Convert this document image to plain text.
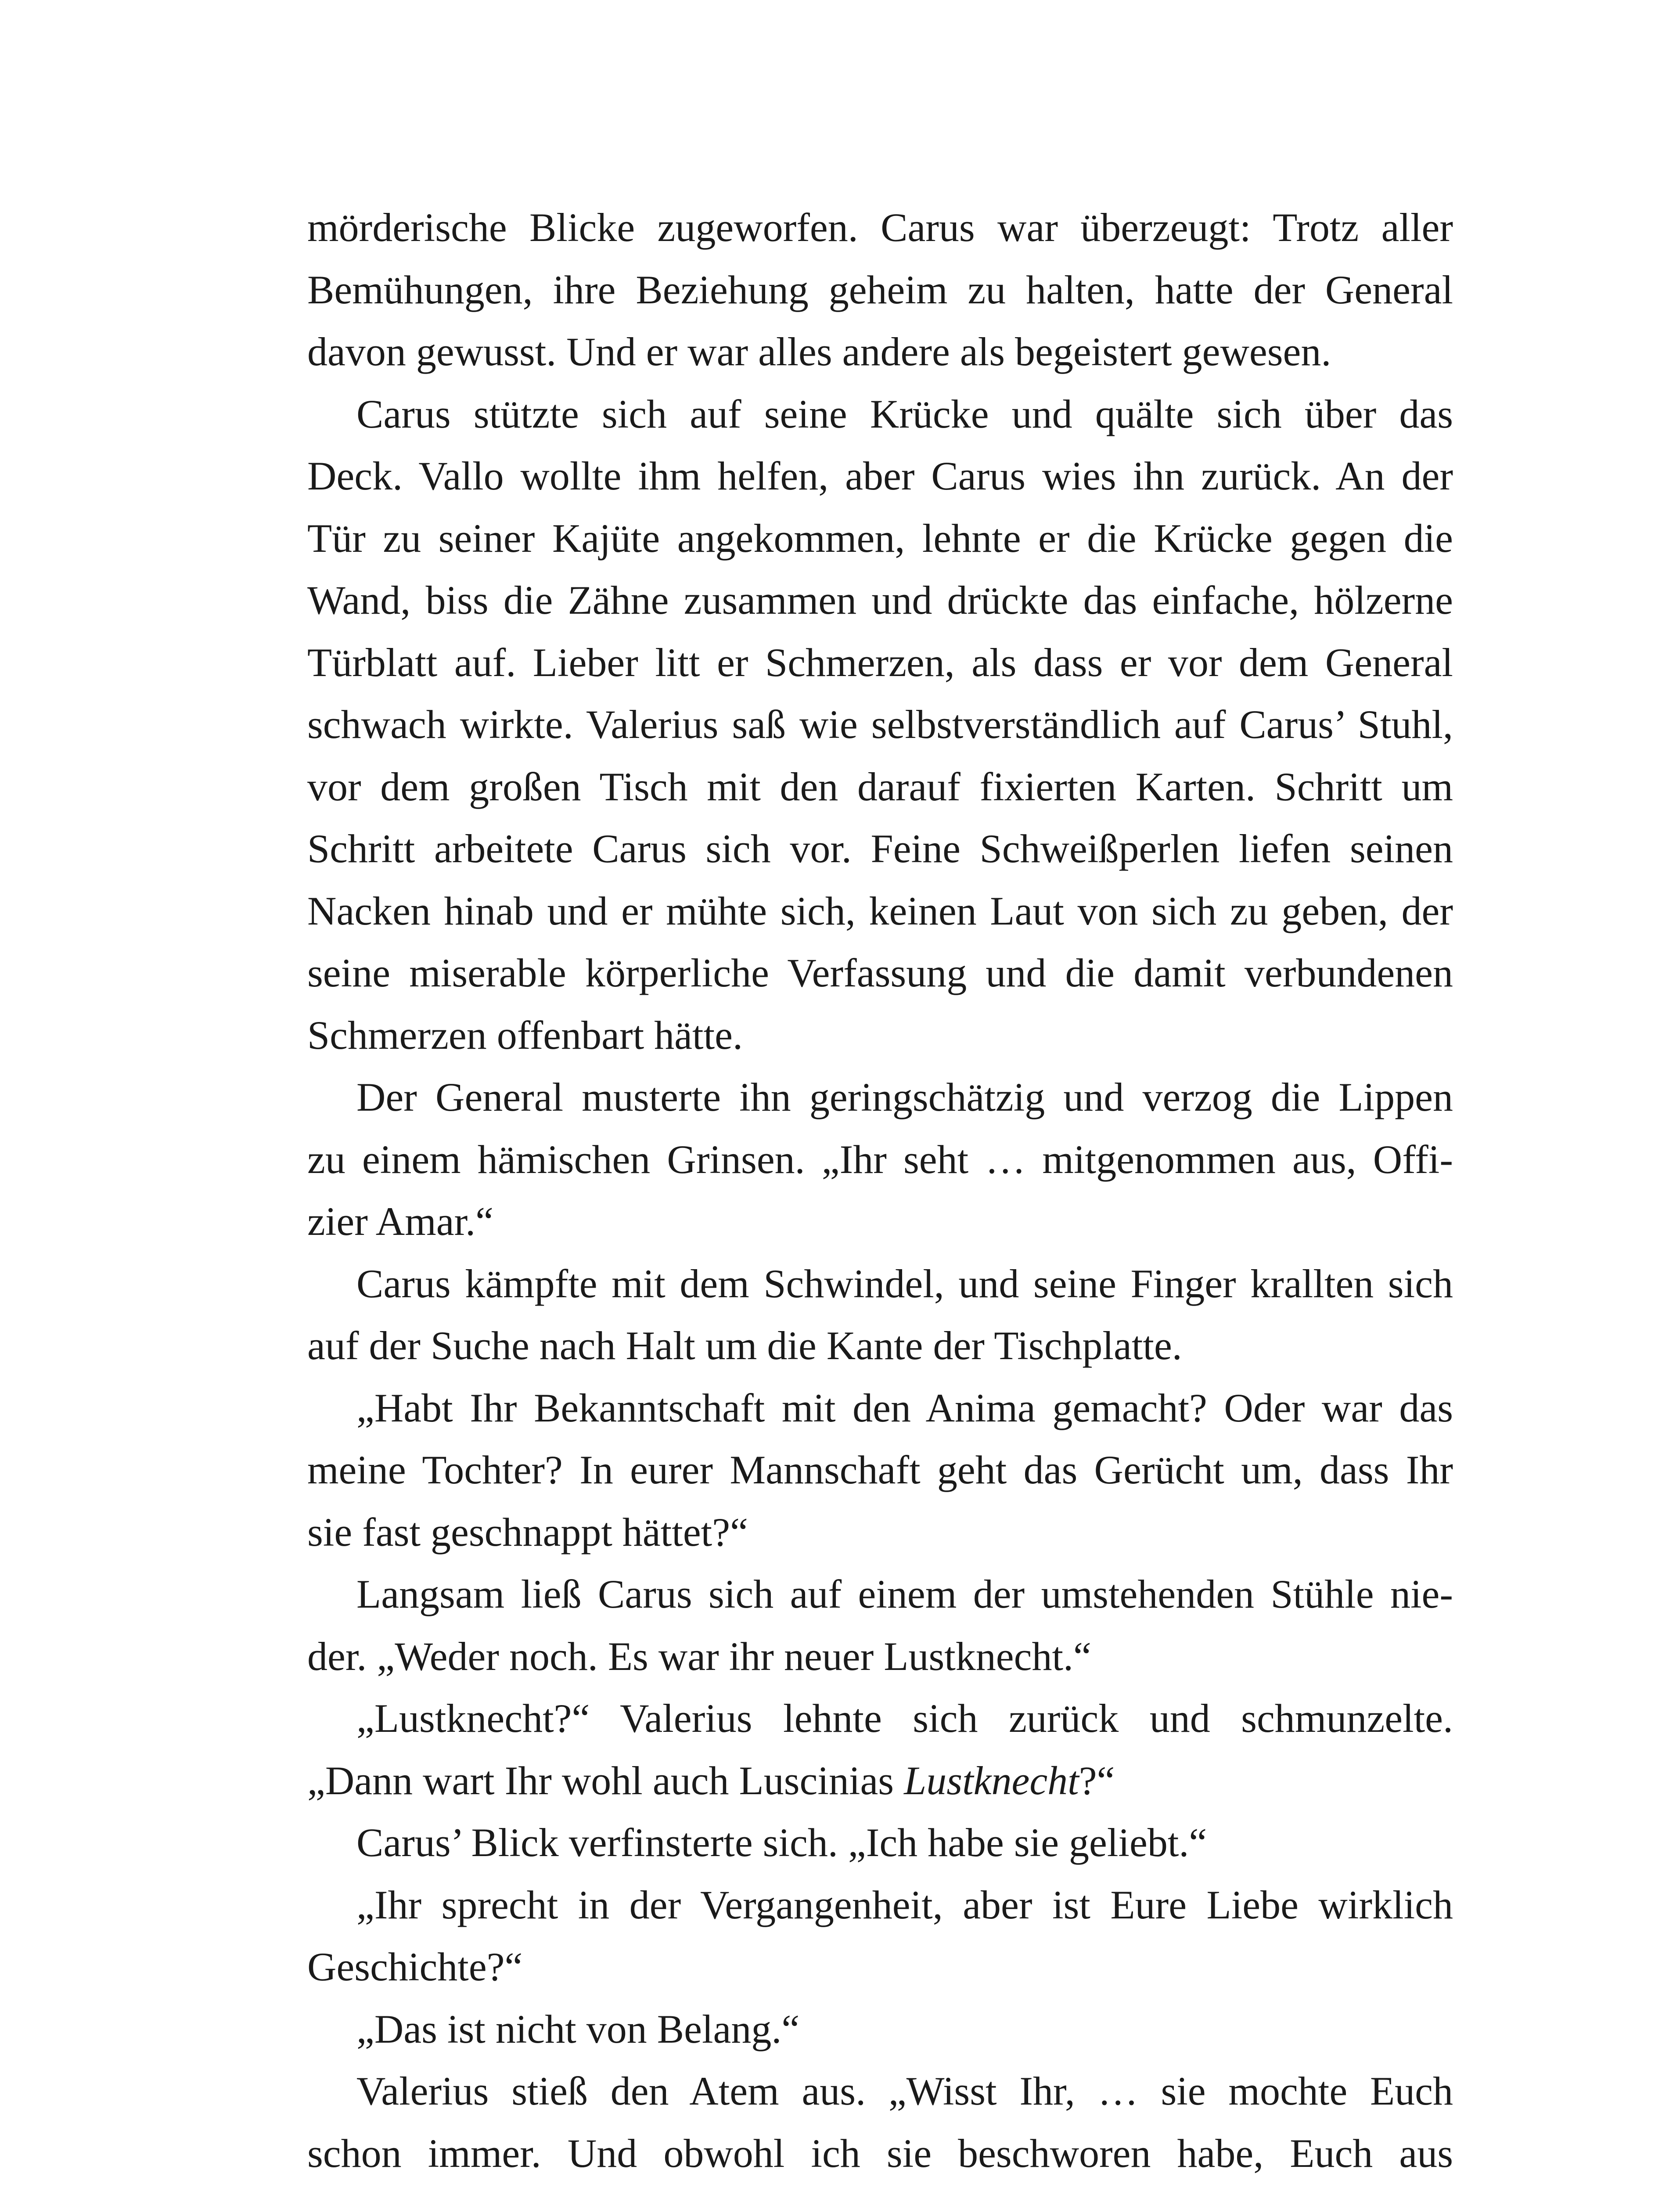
mörderische Blicke zugeworfen. Carus war überzeugt: Trotz aller
Bemühungen, ihre Beziehung geheim zu halten, hatte der General
davon gewusst. Und er war alles andere als begeistert gewesen.
Carus stützte sich auf seine Krücke und quälte sich über das
Deck. Vallo wollte ihm helfen, aber Carus wies ihn zurück. An der
Tür zu seiner Kajüte angekommen, lehnte er die Krücke gegen die
Wand, biss die Zähne zusammen und drückte das einfache, hölzerne
Türblatt auf. Lieber litt er Schmerzen, als dass er vor dem General
schwach wirkte. Valerius saß wie selbstverständlich auf Carus’ Stuhl,
vor dem großen Tisch mit den darauf fixierten Karten. Schritt um
Schritt arbeitete Carus sich vor. Feine Schweißperlen liefen seinen
Nacken hinab und er mühte sich, keinen Laut von sich zu geben, der
seine miserable körperliche Verfassung und die damit verbundenen
Schmerzen offenbart hätte.
Der General musterte ihn geringschätzig und verzog die Lippen
zu einem hämischen Grinsen. „Ihr seht … mitgenommen aus, Offi-
zier Amar.“
Carus kämpfte mit dem Schwindel, und seine Finger krallten sich
auf der Suche nach Halt um die Kante der Tischplatte.
„Habt Ihr Bekanntschaft mit den Anima gemacht? Oder war das
meine Tochter? In eurer Mannschaft geht das Gerücht um, dass Ihr
sie fast geschnappt hättet?“
Langsam ließ Carus sich auf einem der umstehenden Stühle nie-
der. „Weder noch. Es war ihr neuer Lustknecht.“
„Lustknecht?“ Valerius lehnte sich zurück und schmunzelte.
„Dann wart Ihr wohl auch Luscinias Lustknecht?“
Carus’ Blick verfinsterte sich. „Ich habe sie geliebt.“
„Ihr sprecht in der Vergangenheit, aber ist Eure Liebe wirklich
Geschichte?“
„Das ist nicht von Belang.“
Valerius stieß den Atem aus. „Wisst Ihr, … sie mochte Euch
schon immer. Und obwohl ich sie beschworen habe, Euch aus
